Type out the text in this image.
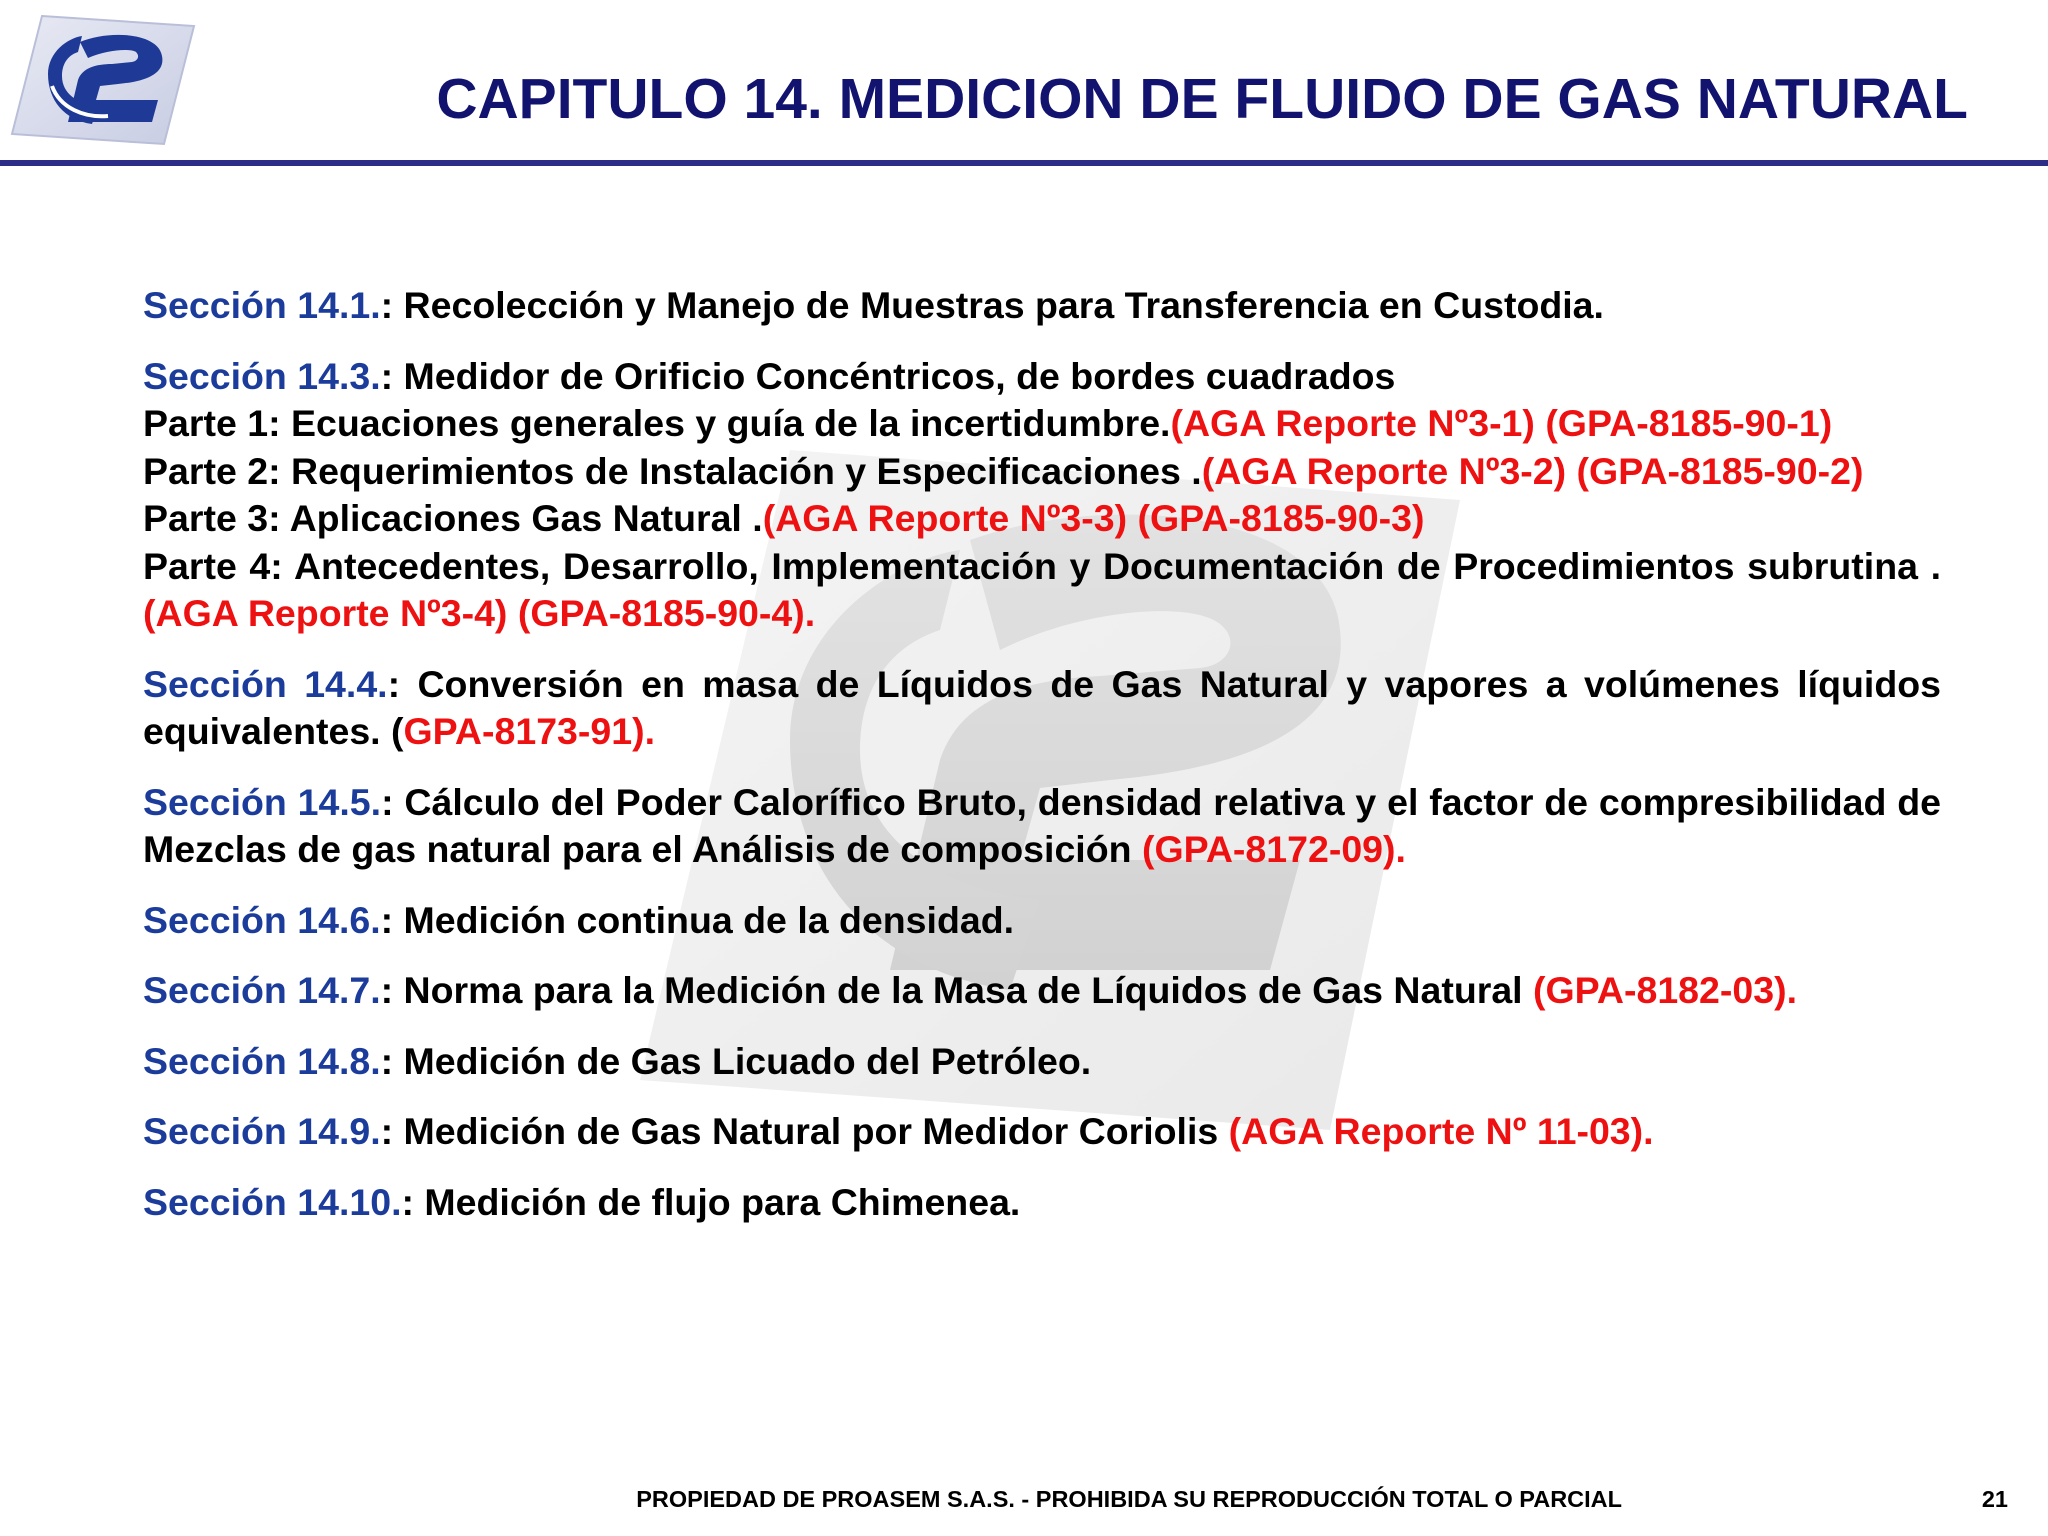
CAPITULO 14. MEDICION DE FLUIDO DE GAS NATURAL
Sección 14.1.: Recolección y Manejo de Muestras para Transferencia en Custodia.
Sección 14.3.: Medidor de Orificio Concéntricos, de bordes cuadrados
Parte 1: Ecuaciones generales y guía de la incertidumbre.(AGA Reporte Nº3-1) (GPA-8185-90-1)
Parte 2: Requerimientos de Instalación y Especificaciones .(AGA Reporte Nº3-2) (GPA-8185-90-2)
Parte 3: Aplicaciones Gas Natural .(AGA Reporte Nº3-3) (GPA-8185-90-3)
Parte 4: Antecedentes, Desarrollo, Implementación y Documentación de Procedimientos subrutina .(AGA Reporte Nº3-4) (GPA-8185-90-4).
Sección 14.4.: Conversión en masa de Líquidos de Gas Natural y vapores a volúmenes líquidos equivalentes. (GPA-8173-91).
Sección 14.5.: Cálculo del Poder Calorífico Bruto, densidad relativa y el factor de compresibilidad de Mezclas de gas natural para el Análisis de composición (GPA-8172-09).
Sección 14.6.: Medición continua de la densidad.
Sección 14.7.: Norma para la Medición de la Masa de Líquidos de Gas Natural (GPA-8182-03).
Sección 14.8.: Medición de Gas Licuado del Petróleo.
Sección 14.9.: Medición de Gas Natural por Medidor Coriolis (AGA Reporte Nº 11-03).
Sección 14.10.: Medición de flujo para Chimenea.
PROPIEDAD DE PROASEM S.A.S. - PROHIBIDA SU REPRODUCCIÓN TOTAL O PARCIAL	21
